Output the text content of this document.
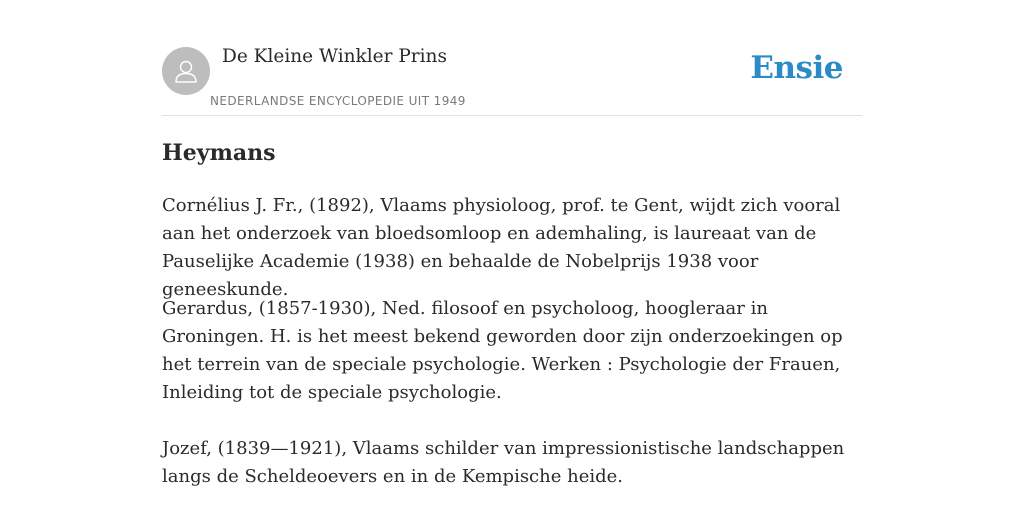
De Kleine Winkler Prins
NEDERLANDSE ENCYCLOPEDIE UIT 1949
Ensie
Heymans

Cornélius J. Fr., (1892), Vlaams physioloog, prof. te Gent, wijdt zich vooral aan het onderzoek van bloedsomloop en ademhaling, is laureaat van de Pauselijke Academie (1938) en behaalde de Nobelprijs 1938 voor geneeskunde.

Gerardus, (1857-1930), Ned. filosoof en psycholoog, hoogleraar in Groningen. H. is het meest bekend geworden door zijn onderzoekingen op het terrein van de speciale psychologie. Werken : Psychologie der Frauen, Inleiding tot de speciale psychologie.

Jozef, (1839—1921), Vlaams schilder van impressionistische landschappen langs de Scheldeoevers en in de Kempische heide.
